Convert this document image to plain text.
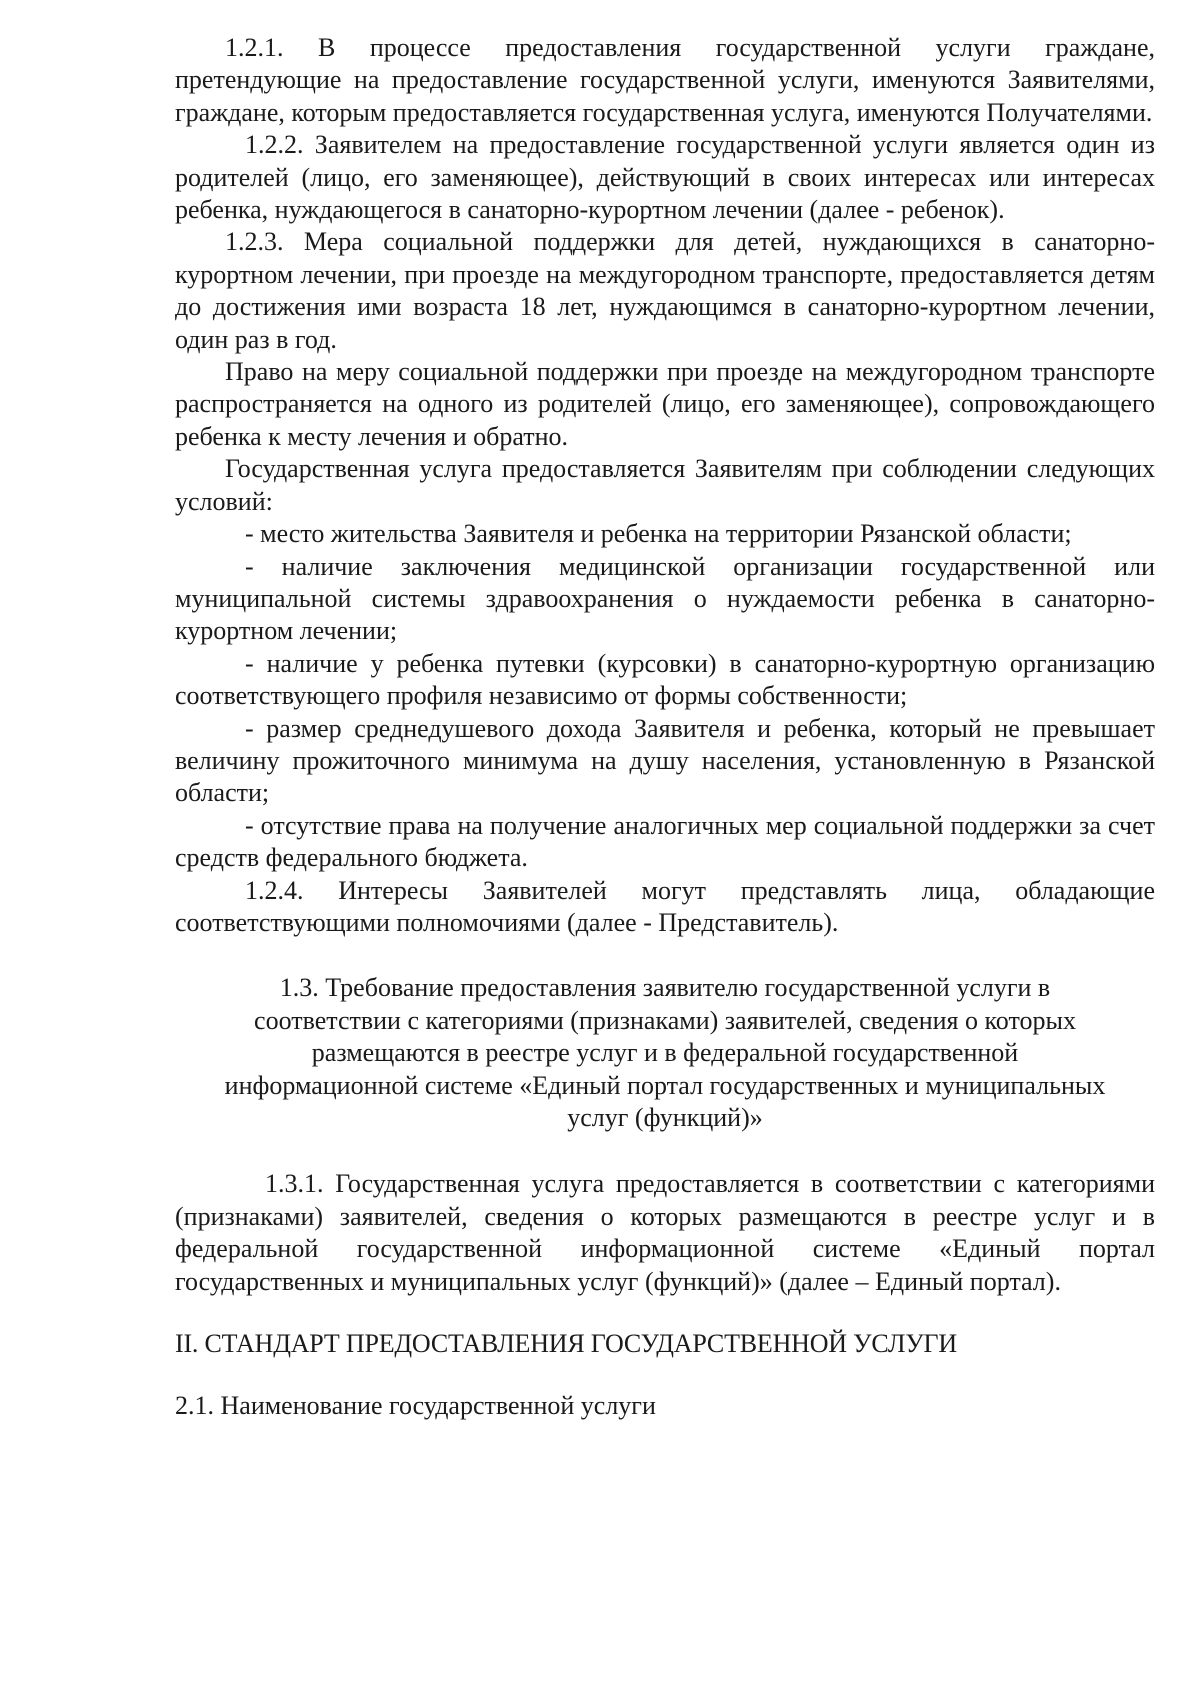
1.2.1. В процессе предоставления государственной услуги граждане, претендующие на предоставление государственной услуги, именуются Заявителями, граждане, которым предоставляется государственная услуга, именуются Получателями.

1.2.2. Заявителем на предоставление государственной услуги является один из родителей (лицо, его заменяющее), действующий в своих интересах или интересах ребенка, нуждающегося в санаторно-курортном лечении (далее - ребенок).

1.2.3. Мера социальной поддержки для детей, нуждающихся в санаторно-курортном лечении, при проезде на междугородном транспорте, предоставляется детям до достижения ими возраста 18 лет, нуждающимся в санаторно-курортном лечении, один раз в год.

Право на меру социальной поддержки при проезде на междугородном транспорте распространяется на одного из родителей (лицо, его заменяющее), сопровождающего ребенка к месту лечения и обратно.

Государственная услуга предоставляется Заявителям при соблюдении следующих условий:

- место жительства Заявителя и ребенка на территории Рязанской области;

- наличие заключения медицинской организации государственной или муниципальной системы здравоохранения о нуждаемости ребенка в санаторно-курортном лечении;

- наличие у ребенка путевки (курсовки) в санаторно-курортную организацию соответствующего профиля независимо от формы собственности;

- размер среднедушевого дохода Заявителя и ребенка, который не превышает величину прожиточного минимума на душу населения, установленную в Рязанской области;

- отсутствие права на получение аналогичных мер социальной поддержки за счет средств федерального бюджета.

1.2.4. Интересы Заявителей могут представлять лица, обладающие соответствующими полномочиями (далее - Представитель).

1.3. Требование предоставления заявителю государственной услуги в

соответствии с категориями (признаками) заявителей, сведения о которых

размещаются в реестре услуг и в федеральной государственной

информационной системе «Единый портал государственных и муниципальных

услуг (функций)»

1.3.1. Государственная услуга предоставляется в соответствии с категориями (признаками) заявителей, сведения о которых размещаются в реестре услуг и в федеральной государственной информационной системе «Единый портал государственных и муниципальных услуг (функций)» (далее – Единый портал).

II. СТАНДАРТ ПРЕДОСТАВЛЕНИЯ ГОСУДАРСТВЕННОЙ УСЛУГИ

2.1. Наименование государственной услуги
